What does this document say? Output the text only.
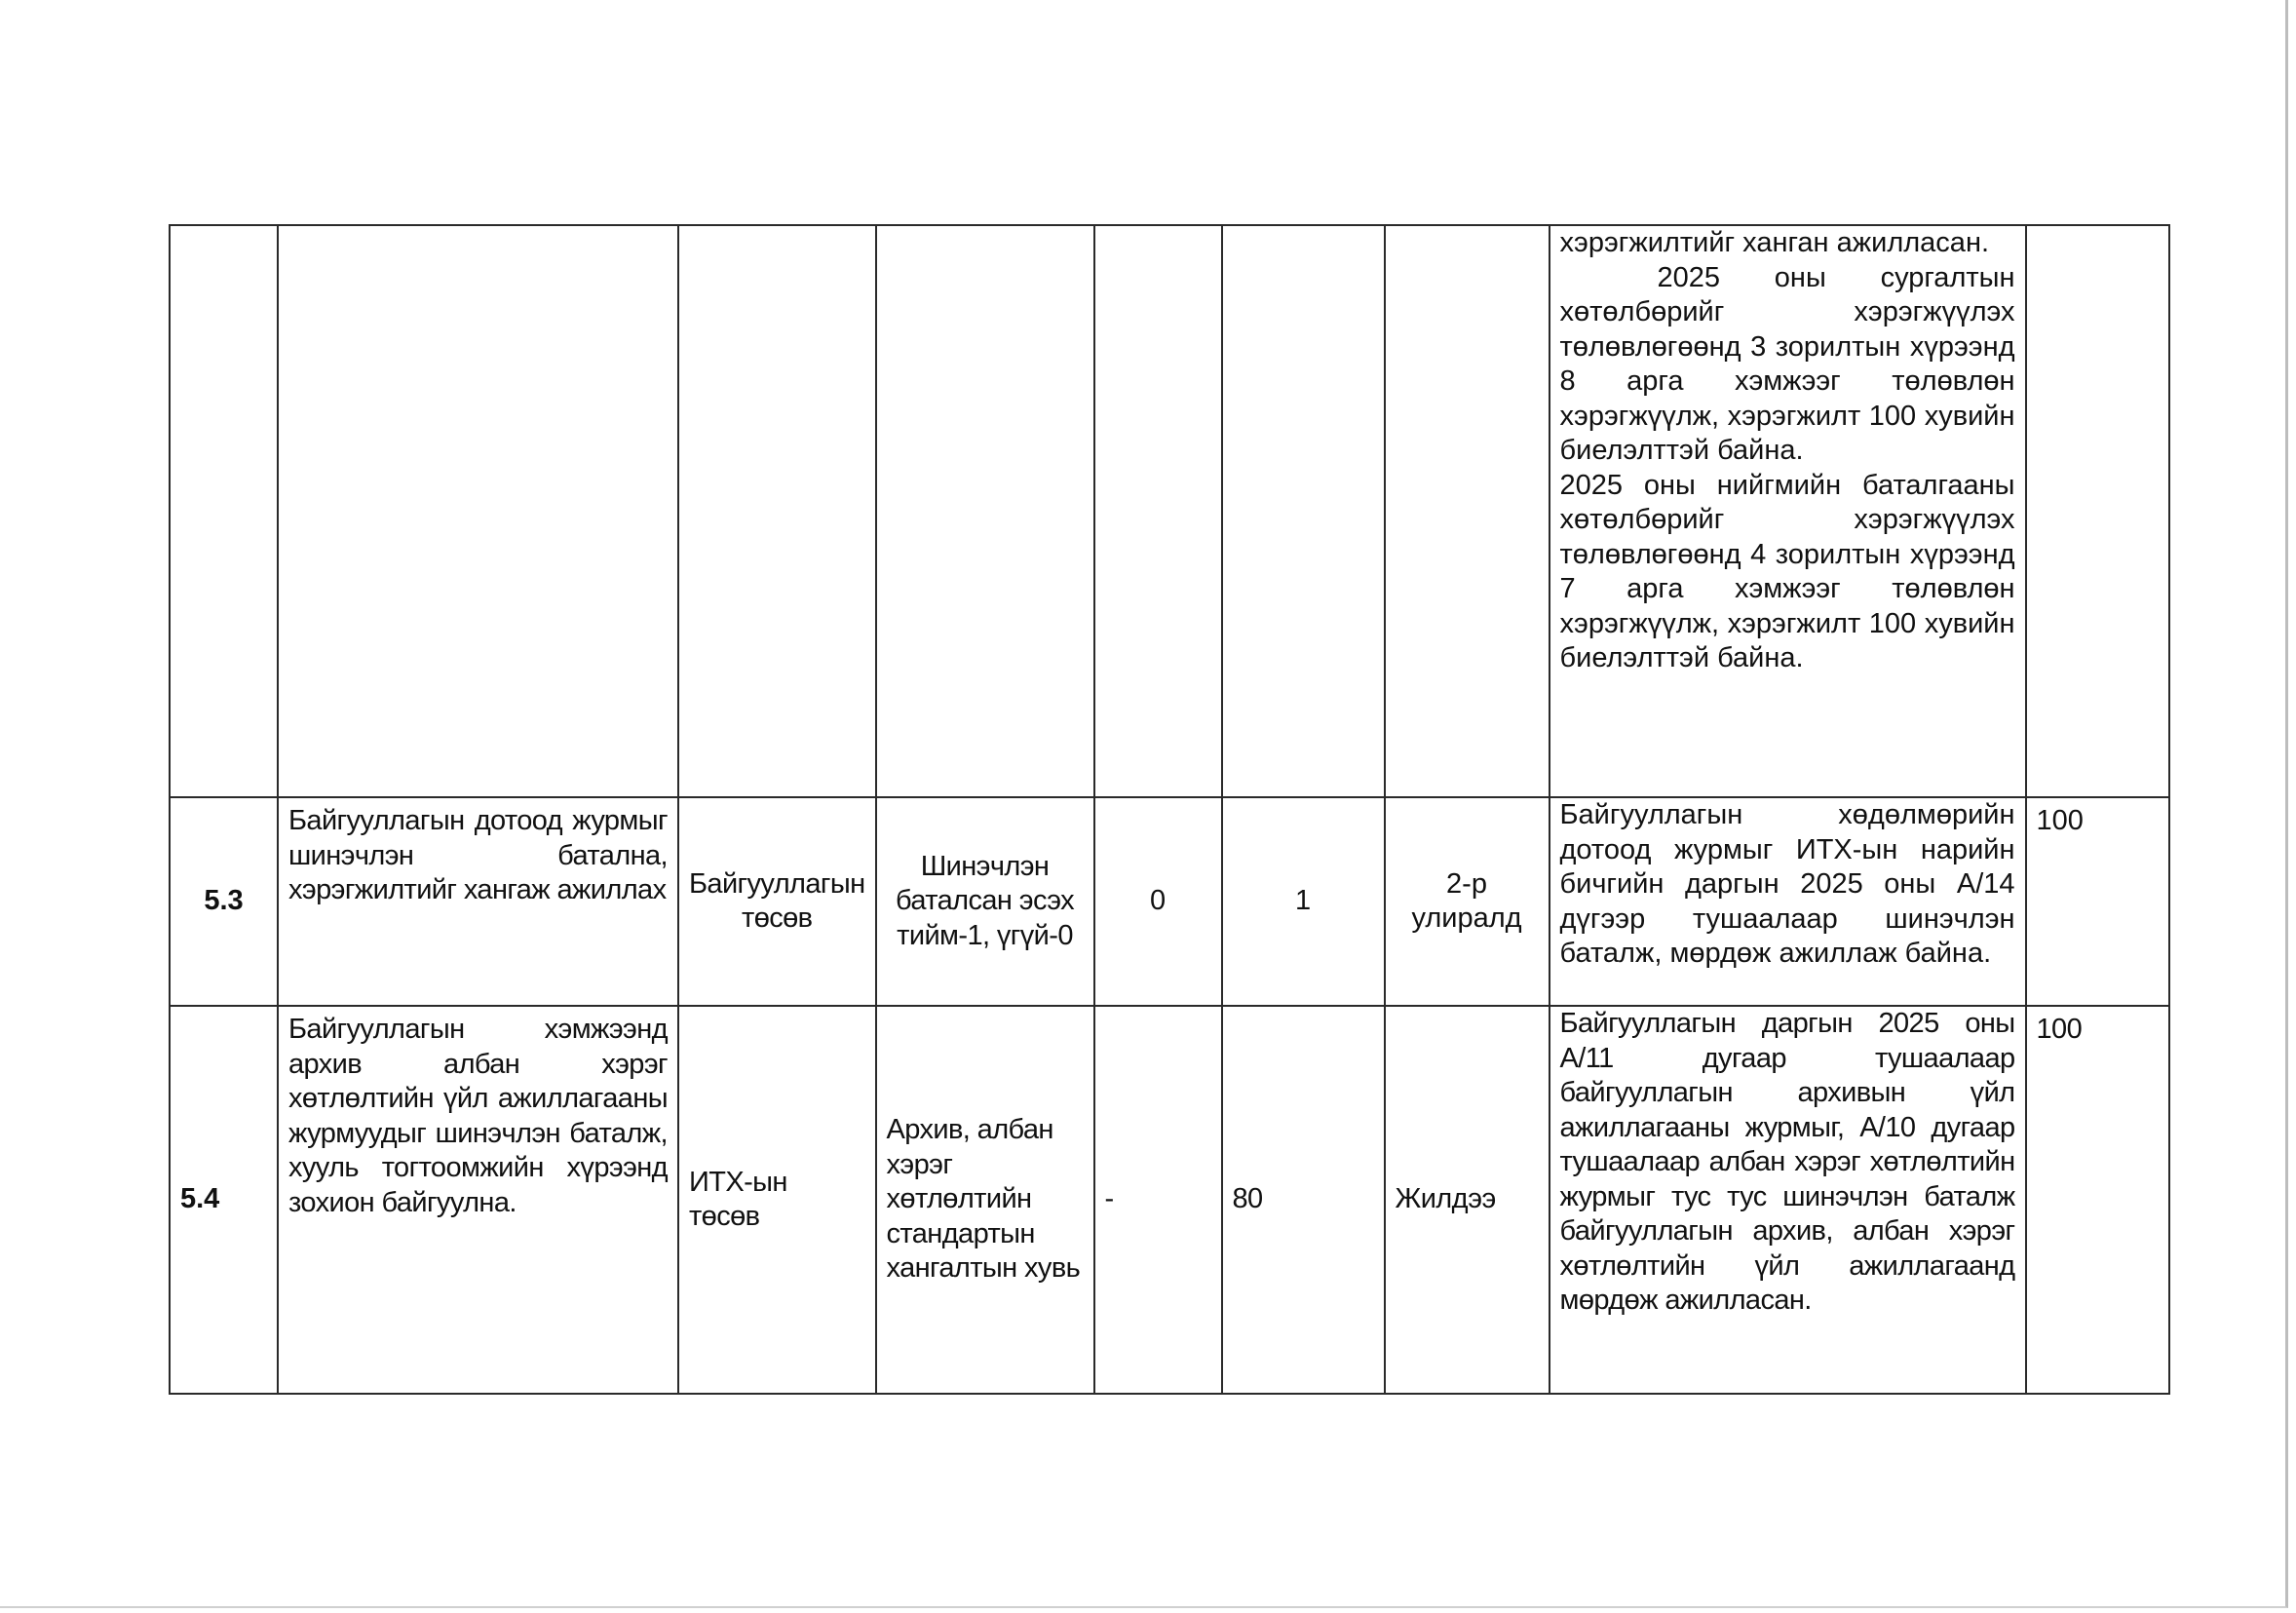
							хэрэгжилтийг ханган ажилласан.
2025 оны сургалтын хөтөлбөрийг хэрэгжүүлэх төлөвлөгөөнд 3 зорилтын хүрээнд 8 арга хэмжээг төлөвлөн хэрэгжүүлж, хэрэгжилт 100 хувийн биелэлттэй байна.
2025 оны нийгмийн баталгааны хөтөлбөрийг хэрэгжүүлэх төлөвлөгөөнд 4 зорилтын хүрээнд 7 арга хэмжээг төлөвлөн хэрэгжүүлж, хэрэгжилт 100 хувийн биелэлттэй байна.	

5.3	Байгууллагын дотоод журмыг шинэчлэн батална, хэрэгжилтийг хангаж ажиллах	Байгууллагын төсөв	Шинэчлэн баталсан эсэх тийм-1, үгүй-0	0	1	2-р улиралд	Байгууллагын хөдөлмөрийн дотоод журмыг ИТХ-ын нарийн бичгийн даргын 2025 оны А/14 дүгээр тушаалаар шинэчлэн баталж, мөрдөж ажиллаж байна.	100
5.4	Байгууллагын хэмжээнд архив албан хэрэг хөтлөлтийн үйл ажиллагааны журмуудыг шинэчлэн баталж, хууль тогтоомжийн хүрээнд зохион байгуулна.	ИТХ-ын төсөв	Архив, албан хэрэг хөтлөлтийн стандартын хангалтын хувь	-	80	Жилдээ	Байгууллагын даргын 2025 оны А/11 дугаар тушаалаар байгууллагын архивын үйл ажиллагааны журмыг, А/10 дугаар тушаалаар албан хэрэг хөтлөлтийн журмыг тус тус шинэчлэн баталж байгууллагын архив, албан хэрэг хөтлөлтийн үйл ажиллагаанд мөрдөж ажилласан.	100
